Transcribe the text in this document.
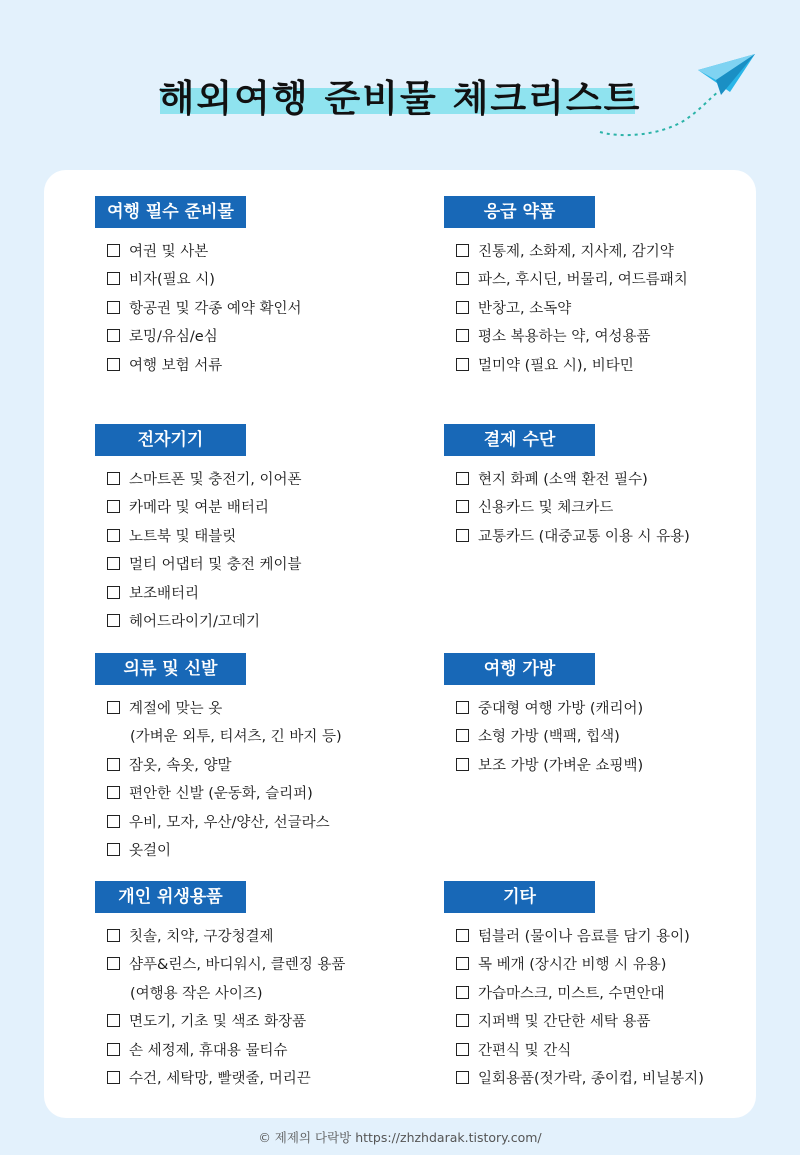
해외여행 준비물 체크리스트
여행 필수 준비물
여권 및 사본
비자(필요 시)
항공권 및 각종 예약 확인서
로밍/유심/e심
여행 보험 서류
응급 약품
진통제, 소화제, 지사제, 감기약
파스, 후시딘, 버물리, 여드름패치
반창고, 소독약
평소 복용하는 약, 여성용품
멀미약 (필요 시), 비타민
전자기기
스마트폰 및 충전기, 이어폰
카메라 및 여분 배터리
노트북 및 태블릿
멀티 어댑터 및 충전 케이블
보조배터리
헤어드라이기/고데기
결제 수단
현지 화폐 (소액 환전 필수)
신용카드 및 체크카드
교통카드 (대중교통 이용 시 유용)
의류 및 신발
계절에 맞는 옷
(가벼운 외투, 티셔츠, 긴 바지 등)
잠옷, 속옷, 양말
편안한 신발 (운동화, 슬리퍼)
우비, 모자, 우산/양산, 선글라스
옷걸이
여행 가방
중대형 여행 가방 (캐리어)
소형 가방 (백팩, 힙색)
보조 가방 (가벼운 쇼핑백)
개인 위생용품
칫솔, 치약, 구강청결제
샴푸&린스, 바디워시, 클렌징 용품
(여행용 작은 사이즈)
면도기, 기초 및 색조 화장품
손 세정제, 휴대용 물티슈
수건, 세탁망, 빨랫줄, 머리끈
기타
텀블러 (물이나 음료를 담기 용이)
목 베개 (장시간 비행 시 유용)
가습마스크, 미스트, 수면안대
지퍼백 및 간단한 세탁 용품
간편식 및 간식
일회용품(젓가락, 종이컵, 비닐봉지)
© 제제의 다락방 https://zhzhdarak.tistory.com/
